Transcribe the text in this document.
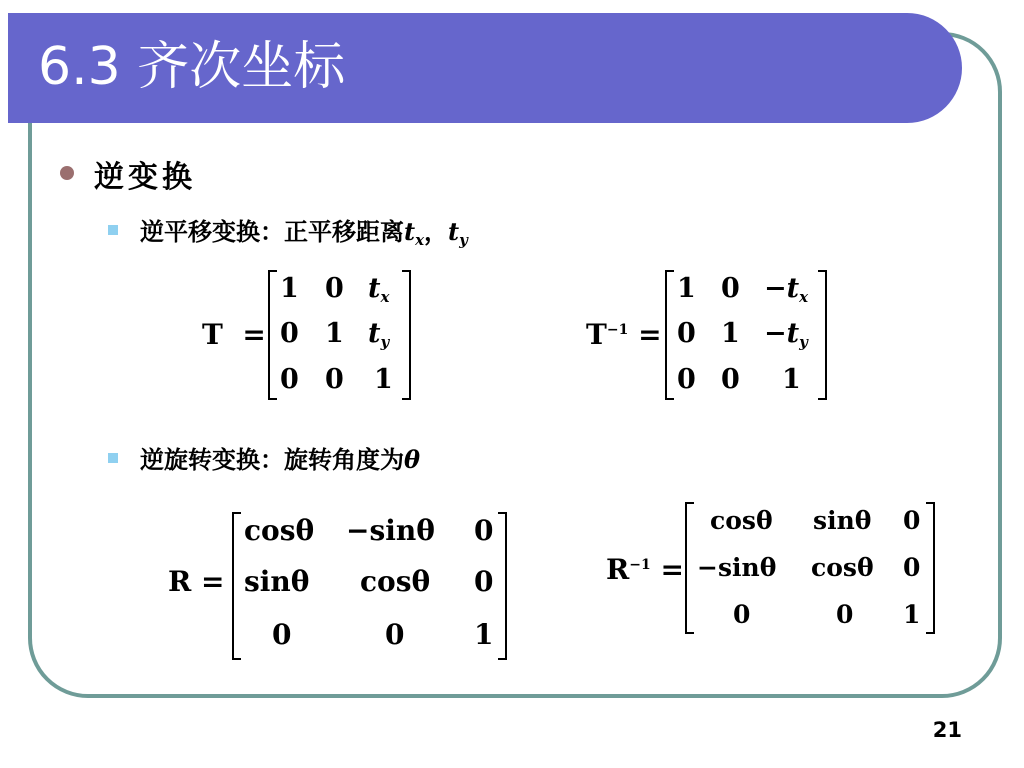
6.3 齐次坐标
逆变换
逆平移变换：正平移距离$t_x$，$t_y$
T =
1 0 tx
0 1 ty
0 0 1
$T^{-1}$ =
1 0 −tx
0 1 −ty
0 0 1
逆旋转变换：旋转角度为θ
R =
cosθ −sinθ 0
sinθ cosθ 0
0	0 1
$R^{-1}$ =
cosθ sinθ 0
−sinθ cosθ 0
0	0 1
21
